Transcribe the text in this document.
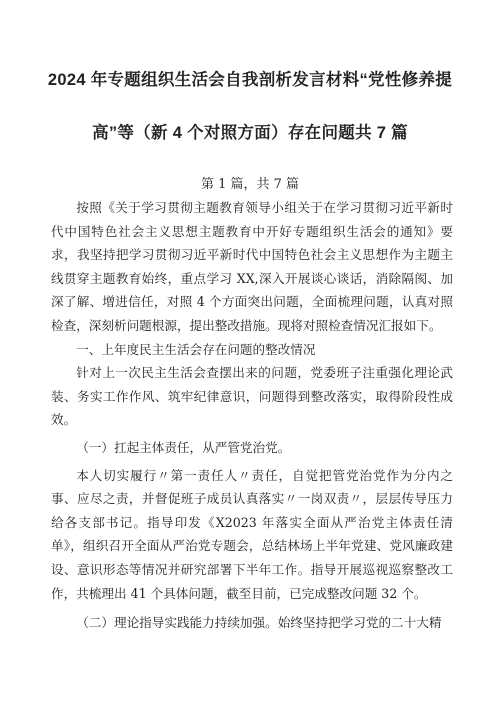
2024 年专题组织生活会自我剖析发言材料“党性修养提
高”等（新 4 个对照方面）存在问题共 7 篇
第 1 篇，共 7 篇

按照《关于学习贯彻主题教育领导小组关于在学习贯彻习近平新时代中国特色社会主义思想主题教育中开好专题组织生活会的通知》要求，我坚持把学习贯彻习近平新时代中国特色社会主义思想作为主题主线贯穿主题教育始终，重点学习 XX,深入开展谈心谈话，消除隔阂、加深了解、增进信任，对照 4 个方面突出问题，全面梳理问题，认真对照检查，深刻析问题根源，提出整改措施。现将对照检查情况汇报如下。

一、上年度民主生活会存在问题的整改情况

针对上一次民主生活会查摆出来的问题，党委班子注重强化理论武装、务实工作作风、筑牢纪律意识，问题得到整改落实，取得阶段性成效。

（一）扛起主体责任，从严管党治党。

本人切实履行〃第一责任人〃责任，自觉把管党治党作为分内之事、应尽之责，并督促班子成员认真落实〃一岗双责〃，层层传导压力给各支部书记。指导印发《X2023 年落实全面从严治党主体责任清单》，组织召开全面从严治党专题会，总结林场上半年党建、党风廉政建设、意识形态等情况并研究部署下半年工作。指导开展巡视巡察整改工作，共梳理出 41 个具体问题，截至目前，已完成整改问题 32 个。

（二）理论指导实践能力持续加强。始终坚持把学习党的二十大精
